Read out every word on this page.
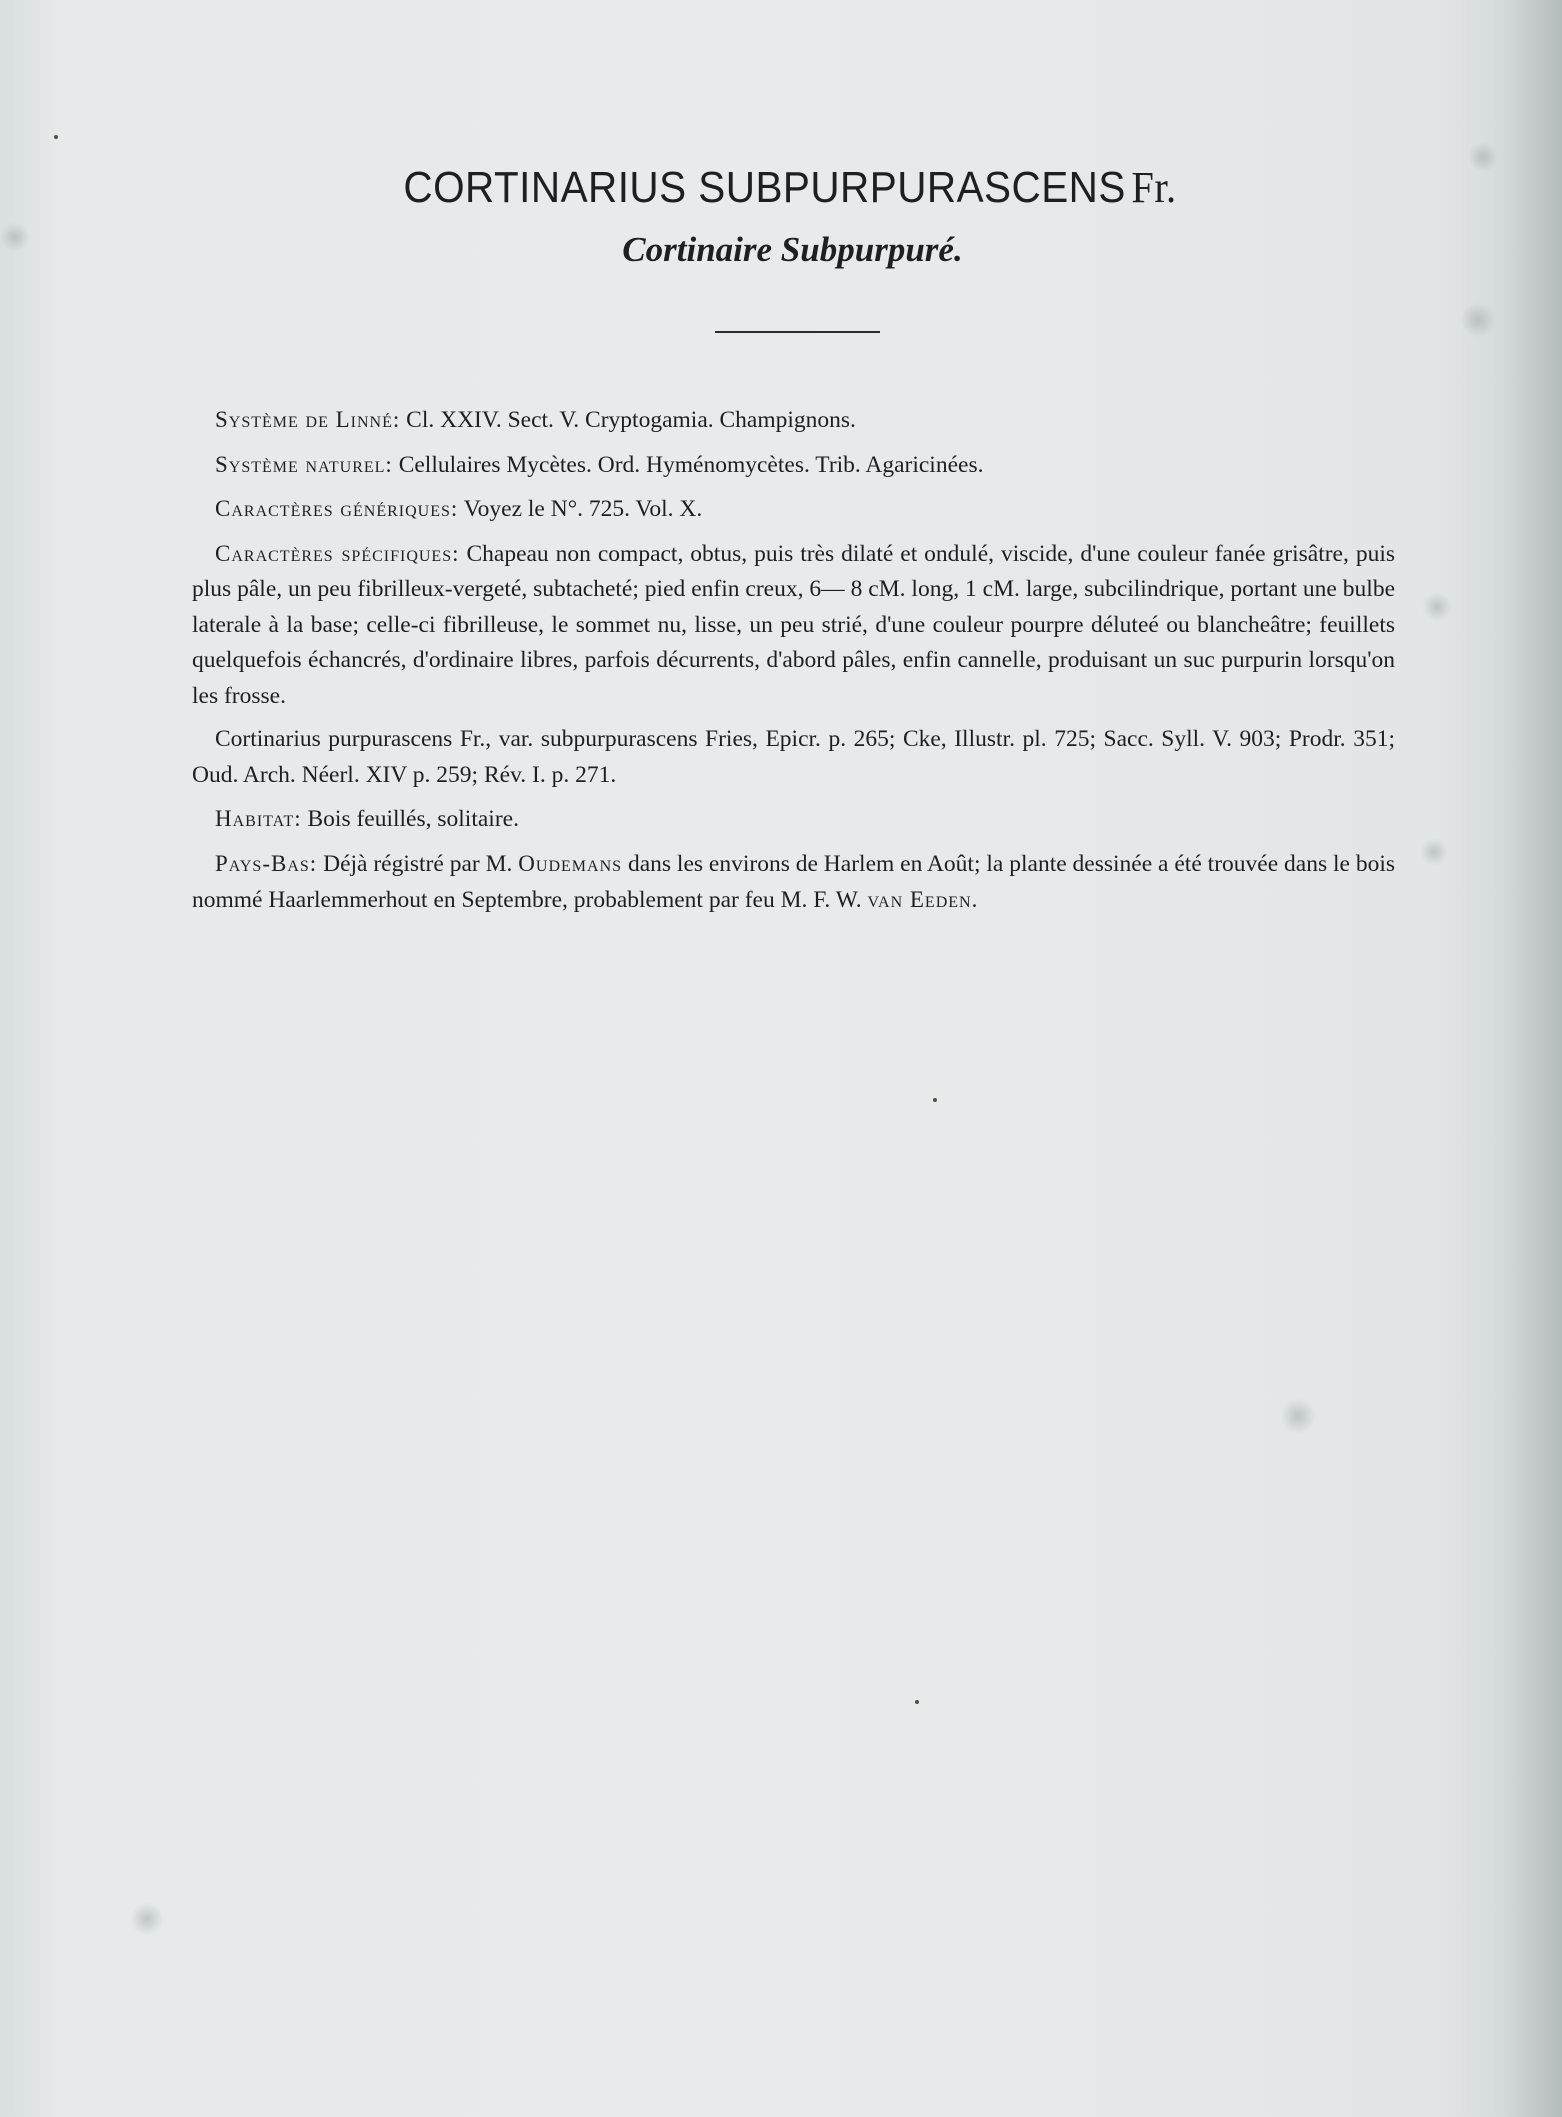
CORTINARIUS SUBPURPURASCENS Fr.
Cortinaire Subpurpuré.

Système de Linné: Cl. XXIV. Sect. V. Cryptogamia. Champignons.

Système naturel: Cellulaires Mycètes. Ord. Hyménomycètes. Trib. Agaricinées.

Caractères génériques: Voyez le N°. 725. Vol. X.

Caractères spécifiques: Chapeau non compact, obtus, puis très dilaté et ondulé, viscide, d'une couleur fanée grisâtre, puis plus pâle, un peu fibrilleux-vergeté, subtacheté; pied enfin creux, 6— 8 cM. long, 1 cM. large, subcilindrique, portant une bulbe laterale à la base; celle-ci fibrilleuse, le sommet nu, lisse, un peu strié, d'une couleur pourpre déluteé ou blancheâtre; feuillets quelquefois échancrés, d'ordinaire libres, parfois décurrents, d'abord pâles, enfin cannelle, produisant un suc purpurin lorsqu'on les frosse.

Cortinarius purpurascens Fr., var. subpurpurascens Fries, Epicr. p. 265; Cke, Illustr. pl. 725; Sacc. Syll. V. 903; Prodr. 351; Oud. Arch. Néerl. XIV p. 259; Rév. I. p. 271.

Habitat: Bois feuillés, solitaire.

Pays-Bas: Déjà régistré par M. Oudemans dans les environs de Harlem en Août; la plante dessinée a été trouvée dans le bois nommé Haarlemmerhout en Septembre, probablement par feu M. F. W. van Eeden.
